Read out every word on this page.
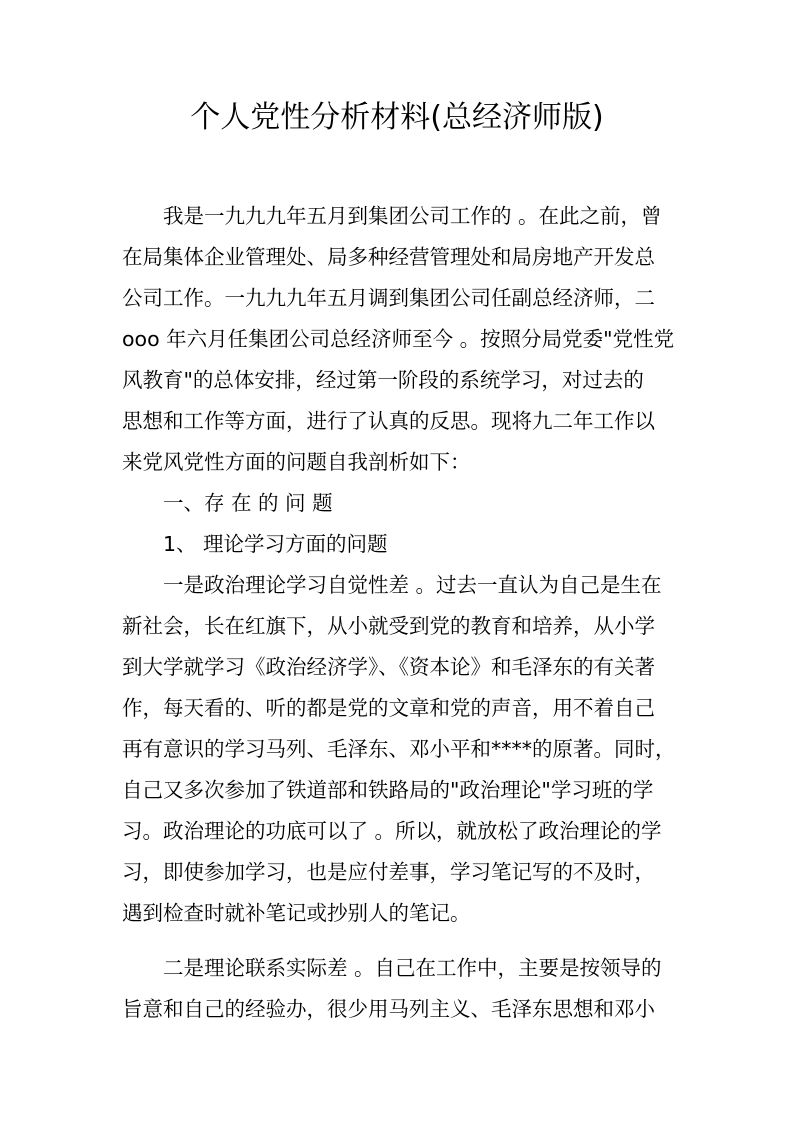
个人党性分析材料(总经济师版)
我是一九九九年五月到集团公司工作的 。在此之前，曾
在局集体企业管理处、局多种经营管理处和局房地产开发总
公司工作。一九九九年五月调到集团公司任副总经济师，二
ooo 年六月任集团公司总经济师至今 。按照分局党委"党性党
风教育"的总体安排，经过第一阶段的系统学习，对过去的
思想和工作等方面，进行了认真的反思。现将九二年工作以
来党风党性方面的问题自我剖析如下：
一、存 在 的 问 题
1、 理论学习方面的问题
一是政治理论学习自觉性差 。过去一直认为自己是生在
新社会，长在红旗下，从小就受到党的教育和培养，从小学
到大学就学习《政治经济学》、《资本论》和毛泽东的有关著
作，每天看的、听的都是党的文章和党的声音，用不着自己
再有意识的学习马列、毛泽东、邓小平和****的原著。同时，
自己又多次参加了铁道部和铁路局的"政治理论"学习班的学
习。政治理论的功底可以了 。所以，就放松了政治理论的学
习，即使参加学习，也是应付差事，学习笔记写的不及时，
遇到检查时就补笔记或抄别人的笔记。
二是理论联系实际差 。自己在工作中，主要是按领导的
旨意和自己的经验办，很少用马列主义、毛泽东思想和邓小
